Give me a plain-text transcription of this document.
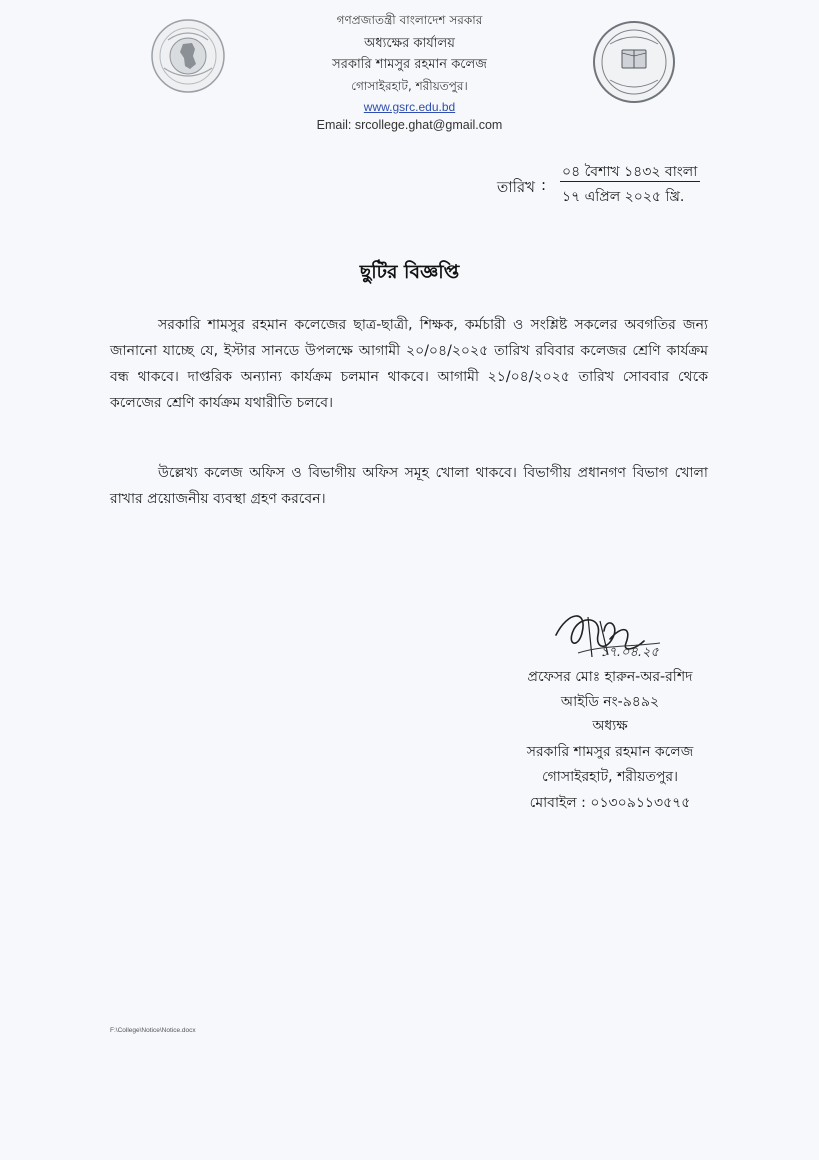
গণপ্রজাতন্ত্রী বাংলাদেশ সরকার
অধ্যক্ষের কার্যালয়
সরকারি শামসুর রহমান কলেজ
গোসাইরহাট, শরীয়তপুর।
www.gsrc.edu.bd
Email: srcollege.ghat@gmail.com
তারিখ :
০৪ বৈশাখ ১৪৩২ বাংলা
১৭ এপ্রিল ২০২৫ খ্রি.
ছুটির বিজ্ঞপ্তি
সরকারি শামসুর রহমান কলেজের ছাত্র-ছাত্রী, শিক্ষক, কর্মচারী ও সংশ্লিষ্ট সকলের অবগতির জন্য জানানো যাচ্ছে যে, ইস্টার সানডে উপলক্ষে আগামী ২০/০৪/২০২৫ তারিখ রবিবার কলেজর শ্রেণি কার্যক্রম বন্ধ থাকবে। দাপ্তরিক অন্যান্য কার্যক্রম চলমান থাকবে। আগামী ২১/০৪/২০২৫ তারিখ সোববার থেকে কলেজের শ্রেণি কার্যক্রম যথারীতি চলবে।
উল্লেখ্য কলেজ অফিস ও বিভাগীয় অফিস সমূহ খোলা থাকবে। বিভাগীয় প্রধানগণ বিভাগ খোলা রাখার প্রয়োজনীয় ব্যবস্থা গ্রহণ করবেন।
১৭.০৪.২৫
প্রফেসর মোঃ হারুন-অর-রশিদ
আইডি নং-৯৪৯২
অধ্যক্ষ
সরকারি শামসুর রহমান কলেজ
গোসাইরহাট, শরীয়তপুর।
মোবাইল : ০১৩০৯১১৩৫৭৫
F:\College\Notice\Notice.docx
